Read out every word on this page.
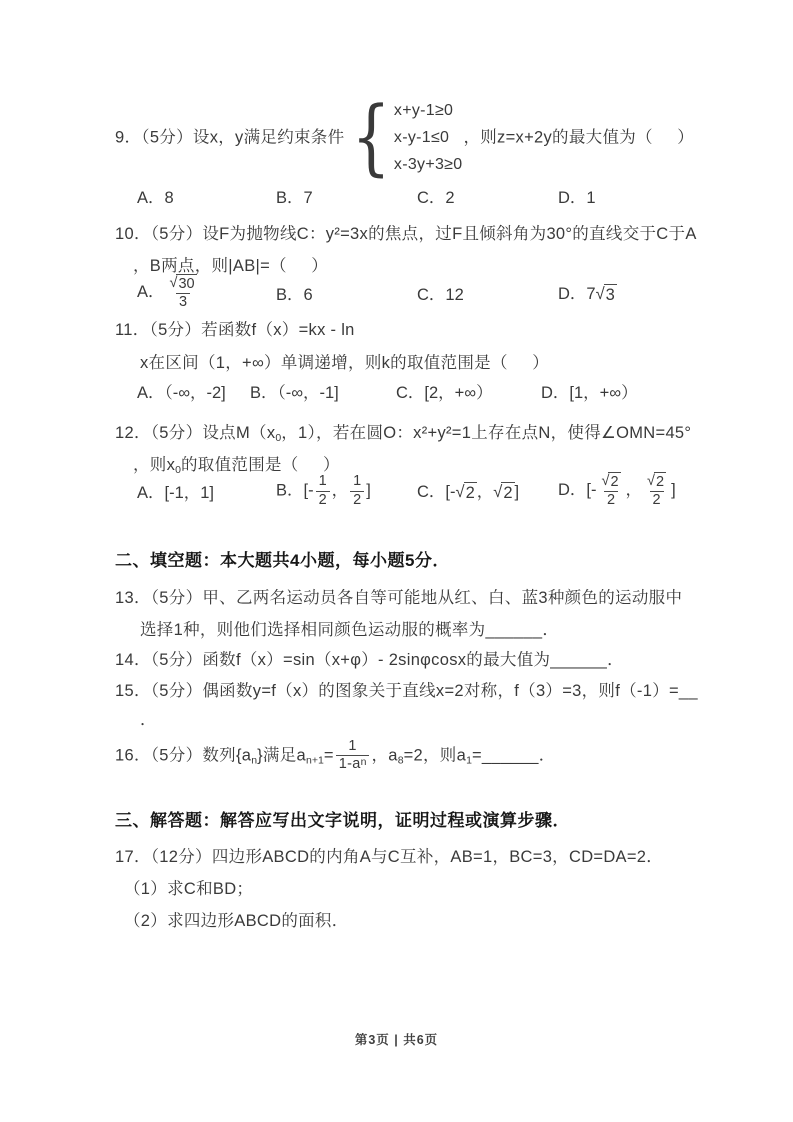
9．（5分）设x，y满足约束条件 { x+y-1≥0
x-y-1≤0
x-3y+3≥0
，则z=x+2y的最大值为（     ）
A．8	B．7	C．2	D．1
10．（5分）设F为抛物线C：y²=3x的焦点，过F且倾斜角为30°的直线交于C于A
，B两点，则|AB|=（     ）
A． $\frac{√ 30}{3}$	B．6	C．12	D．7 √ 3
11．（5分）若函数f（x）=kx - ln
x在区间（1，+∞）单调递增，则k的取值范围是（     ）
A．（-∞，-2]	B．（-∞，-1]	C．[2，+∞）	D．[1，+∞）
12．（5分）设点$M(x_0$，1），若在圆O：x²+y²=1上存在点N，使得∠OMN=45°
，则$x_0$的取值范围是（     ）
A．[-1，1]	B．[- $\frac{1}{2}$ ， $\frac{1}{2}$ ]	C．[- √ 2 ， √ 2 ]	D．[- $\frac{√ 2}{2}$ ， $\frac{√ 2}{2}$ ]
二、填空题：本大题共4小题，每小题5分．
13．（5分）甲、乙两名运动员各自等可能地从红、白、蓝3种颜色的运动服中
选择1种，则他们选择相同颜色运动服的概率为______．
14．（5分）函数f（x）=sin（x+φ）- 2sinφcosx的最大值为______．
15．（5分）偶函数y=f（x）的图象关于直线x=2对称，f（3）=3，则f（-1）=__
．
16．（5分）数列$\{a_n\}$满足$a_{n+1}= \frac{1}{\text{1-a n}}$ ，$a_8=2$，则$a_1=\_\_\_\_\_\_$．
三、解答题：解答应写出文字说明，证明过程或演算步骤．
17．（12分）四边形ABCD的内角A与C互补，AB=1，BC=3，CD=DA=2．
（1）求C和BD；
（2）求四边形ABCD的面积．
第3页 | 共6页
